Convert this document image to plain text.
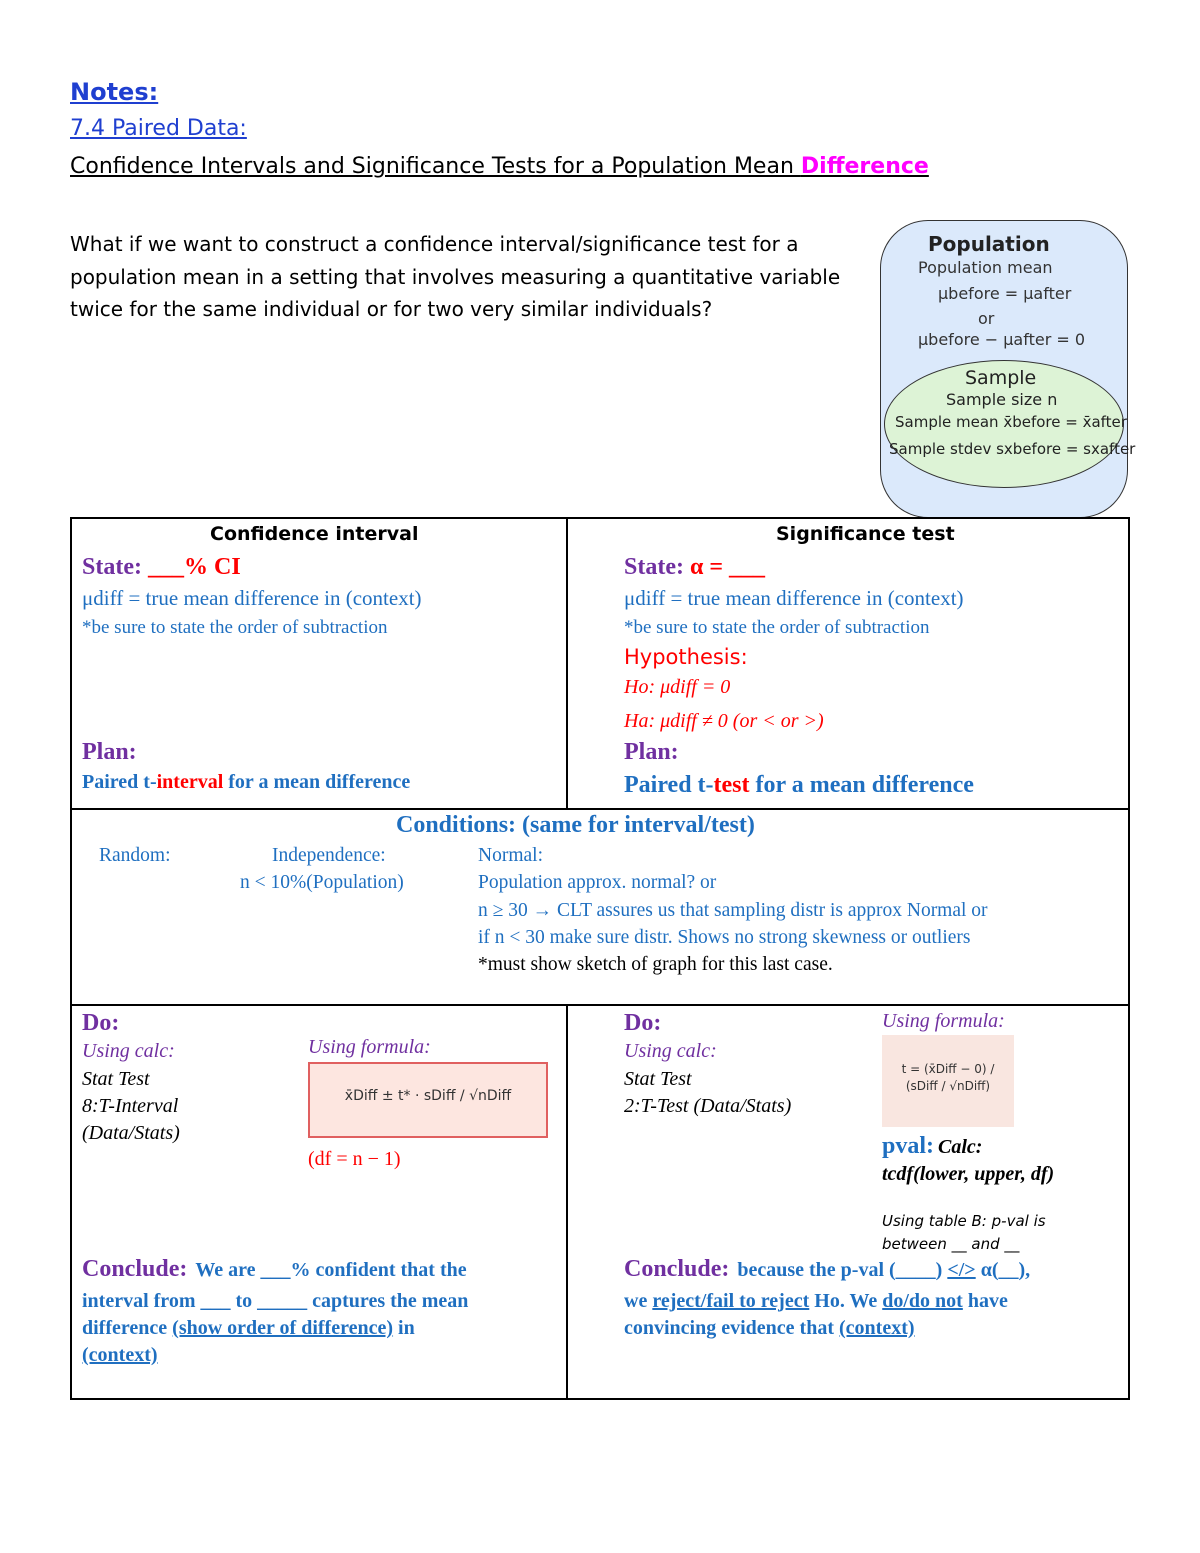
Notes:
7.4 Paired Data:
Confidence Intervals and Significance Tests for a Population Mean Difference
What if we want to construct a confidence interval/significance test for a population mean in a setting that involves measuring a quantitative variable twice for the same individual or for two very similar individuals?
Population
Population mean
μbefore = μafter
or
μbefore − μafter = 0
Sample
Sample size n
Sample mean x̄before = x̄after
Sample stdev sxbefore = sxafter
Confidence interval
State: ___% CI
μdiff = true mean difference in (context)
*be sure to state the order of subtraction
Plan:
Paired t-interval for a mean difference
Significance test
State: α = ___
μdiff = true mean difference in (context)
*be sure to state the order of subtraction
Hypothesis:
Ho: μdiff = 0
Ha: μdiff ≠ 0 (or < or >)
Plan:
Paired t-test for a mean difference
Conditions: (same for interval/test)
Random:	Independence:
n < 10%(Population)
Normal:
Population approx. normal? or
n ≥ 30 → CLT assures us that sampling distr is approx Normal or
if n < 30 make sure distr. Shows no strong skewness or outliers
*must show sketch of graph for this last case.
Do:
Using calc:
Stat Test
8:T-Interval
(Data/Stats)
Using formula:
x̄Diff ± t* · sDiff / √nDiff
(df = n − 1)
Do:
Using calc:
Stat Test
2:T-Test (Data/Stats)
Using formula:
t = (x̄Diff − 0) / (sDiff / √nDiff)
pval: Calc:
tcdf(lower, upper, df)
Using table B: p-val is
between __ and __
Conclude: We are ___% confident that the
interval from ___ to _____ captures the mean
difference (show order of difference) in
(context)
Conclude: because the p-val (____) </> α(__),
we reject/fail to reject Ho. We do/do not have
convincing evidence that (context)
